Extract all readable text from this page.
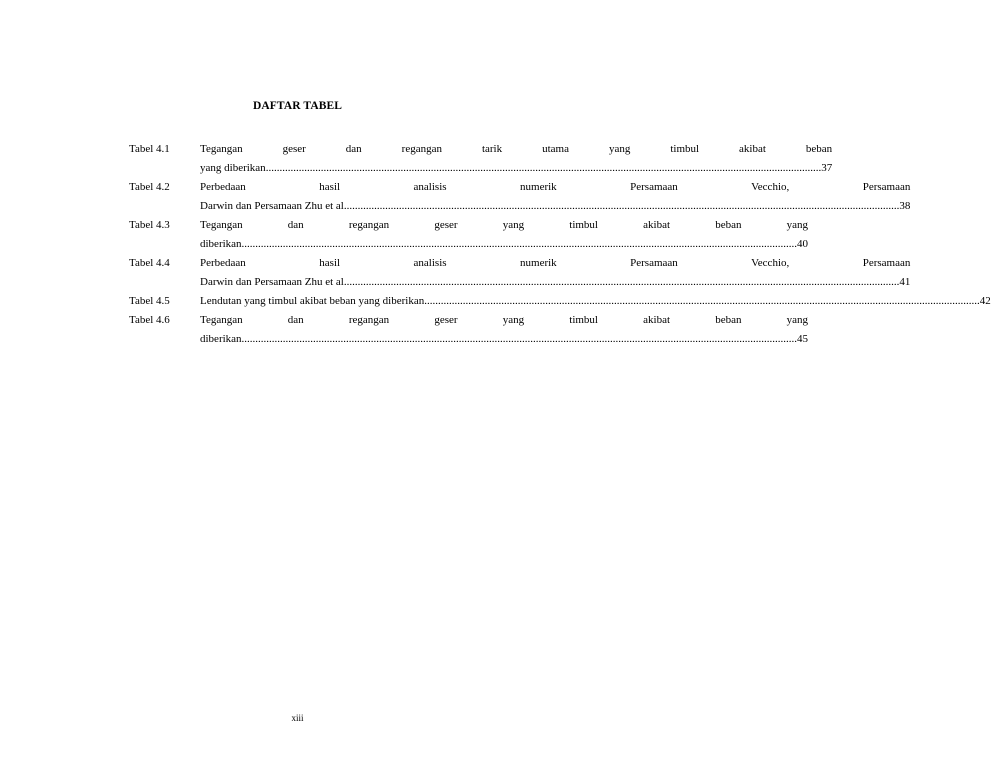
DAFTAR TABEL
Tabel 4.1	Tegangan geser dan regangan tarik utama yang timbul akibat beban
yang diberikan .....	37
Tabel 4.2	Perbedaan hasil analisis numerik Persamaan Vecchio, Persamaan
Darwin dan Persamaan Zhu et al .....	38
Tabel 4.3	Tegangan dan regangan geser yang timbul akibat beban yang
diberikan .....	40
Tabel 4.4	Perbedaan hasil analisis numerik Persamaan Vecchio, Persamaan
Darwin dan Persamaan Zhu et al .....	41
Tabel 4.5	Lendutan yang timbul akibat beban yang diberikan .....	42
Tabel 4.6	Tegangan dan regangan geser yang timbul akibat beban yang
diberikan .....	45
xiii
